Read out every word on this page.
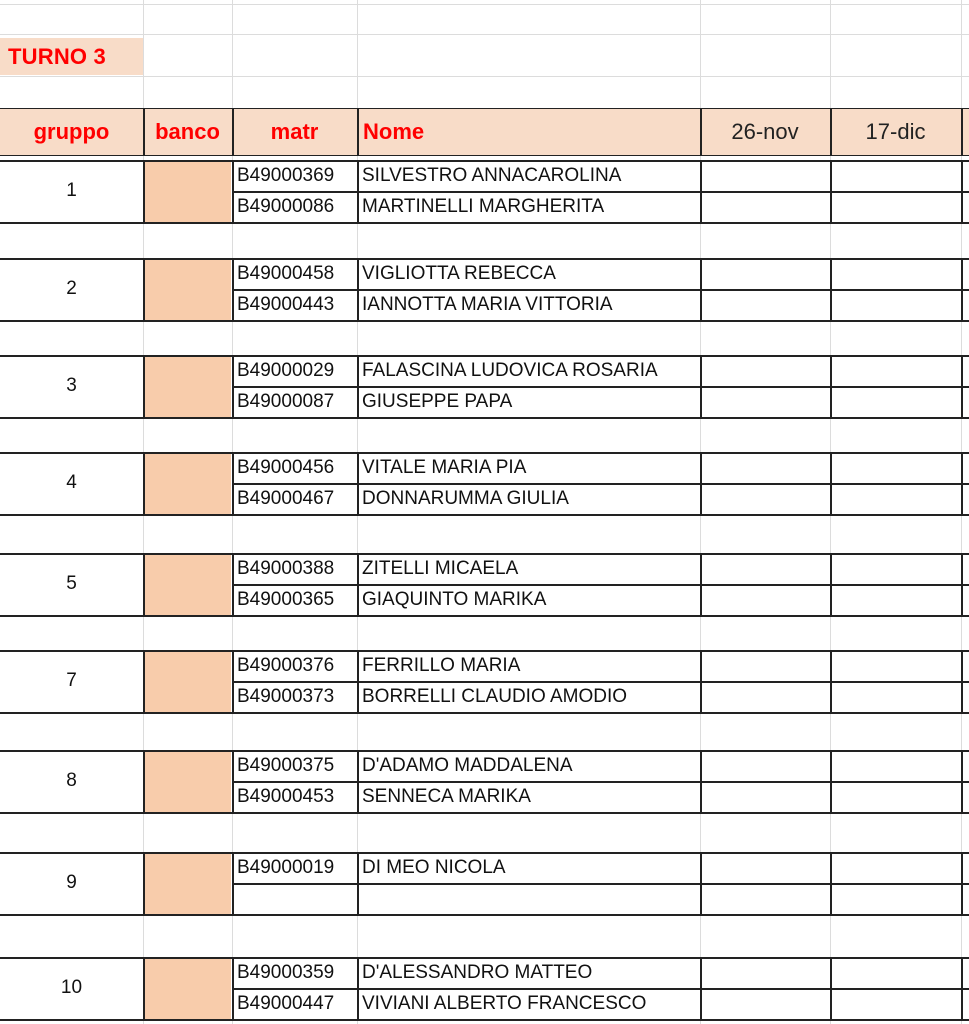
TURNO 3
gruppo	banco	matr	Nome	26-nov	17-dic
1
B49000369	SILVESTRO ANNACAROLINA
B49000086	MARTINELLI MARGHERITA
2
B49000458	VIGLIOTTA REBECCA
B49000443	IANNOTTA MARIA VITTORIA
3
B49000029	FALASCINA LUDOVICA ROSARIA
B49000087	GIUSEPPE PAPA
4
B49000456	VITALE MARIA PIA
B49000467	DONNARUMMA GIULIA
5
B49000388	ZITELLI MICAELA
B49000365	GIAQUINTO MARIKA
7
B49000376	FERRILLO MARIA
B49000373	BORRELLI CLAUDIO AMODIO
8
B49000375	D'ADAMO MADDALENA
B49000453	SENNECA MARIKA
9
B49000019	DI MEO NICOLA
10
B49000359	D'ALESSANDRO MATTEO
B49000447	VIVIANI ALBERTO FRANCESCO
